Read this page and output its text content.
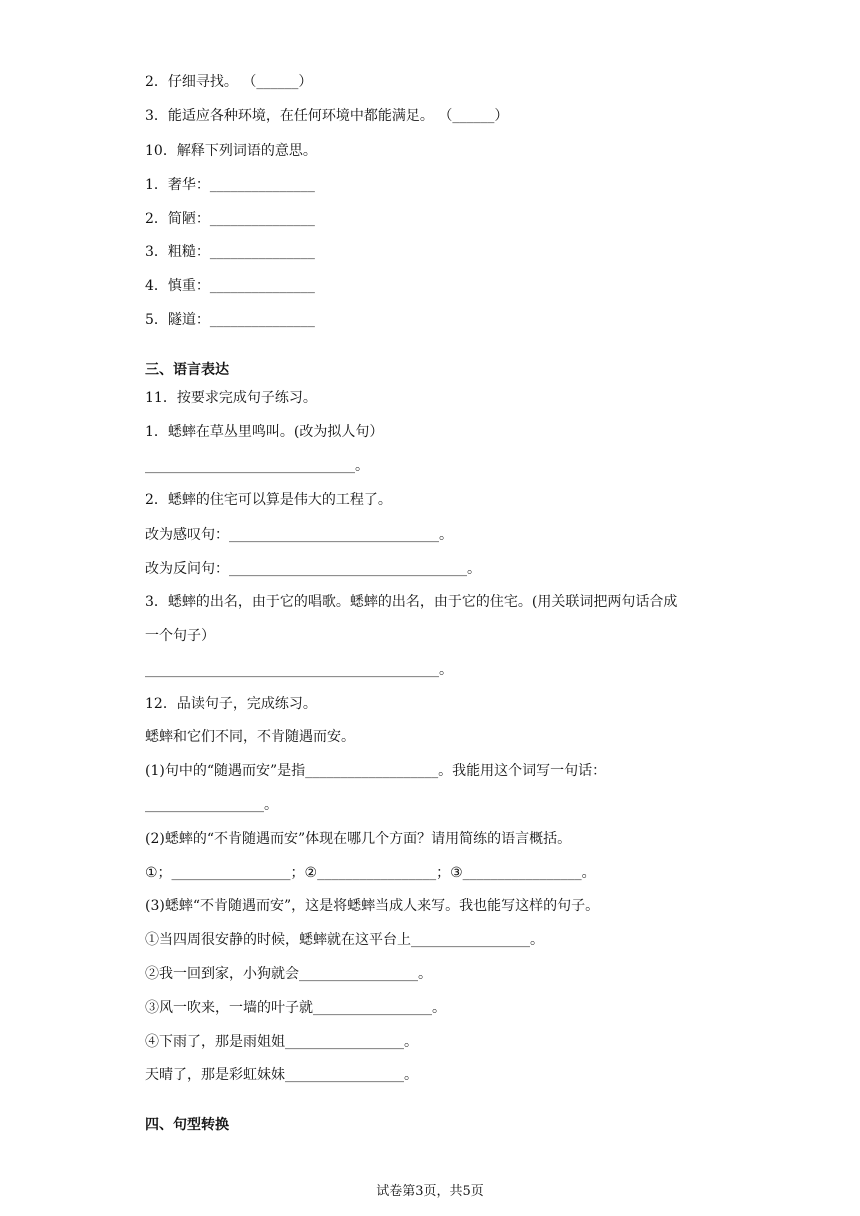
2．仔细寻找。 （______）
3．能适应各种环境，在任何环境中都能满足。 （______）
10．解释下列词语的意思。
1．奢华：_______________
2．简陋：_______________
3．粗糙：_______________
4．慎重：_______________
5．隧道：_______________
三、语言表达
11．按要求完成句子练习。
1．蟋蟀在草丛里鸣叫。(改为拟人句）
______________________________。
2．蟋蟀的住宅可以算是伟大的工程了。
改为感叹句：______________________________。
改为反问句：__________________________________。
3．蟋蟀的出名，由于它的唱歌。蟋蟀的出名，由于它的住宅。(用关联词把两句话合成
一个句子）
__________________________________________。
12．品读句子，完成练习。
蟋蟀和它们不同，不肯随遇而安。
(1)句中的“随遇而安”是指___________________。我能用这个词写一句话：
_________________。
(2)蟋蟀的“不肯随遇而安”体现在哪几个方面？请用简练的语言概括。
①；_________________；②_________________；③_________________。
(3)蟋蟀“不肯随遇而安”，这是将蟋蟀当成人来写。我也能写这样的句子。
①当四周很安静的时候，蟋蟀就在这平台上_________________。
②我一回到家，小狗就会_________________。
③风一吹来，一墙的叶子就_________________。
④下雨了，那是雨姐姐_________________。
天晴了，那是彩虹妹妹_________________。
四、句型转换
试卷第3页，共5页
